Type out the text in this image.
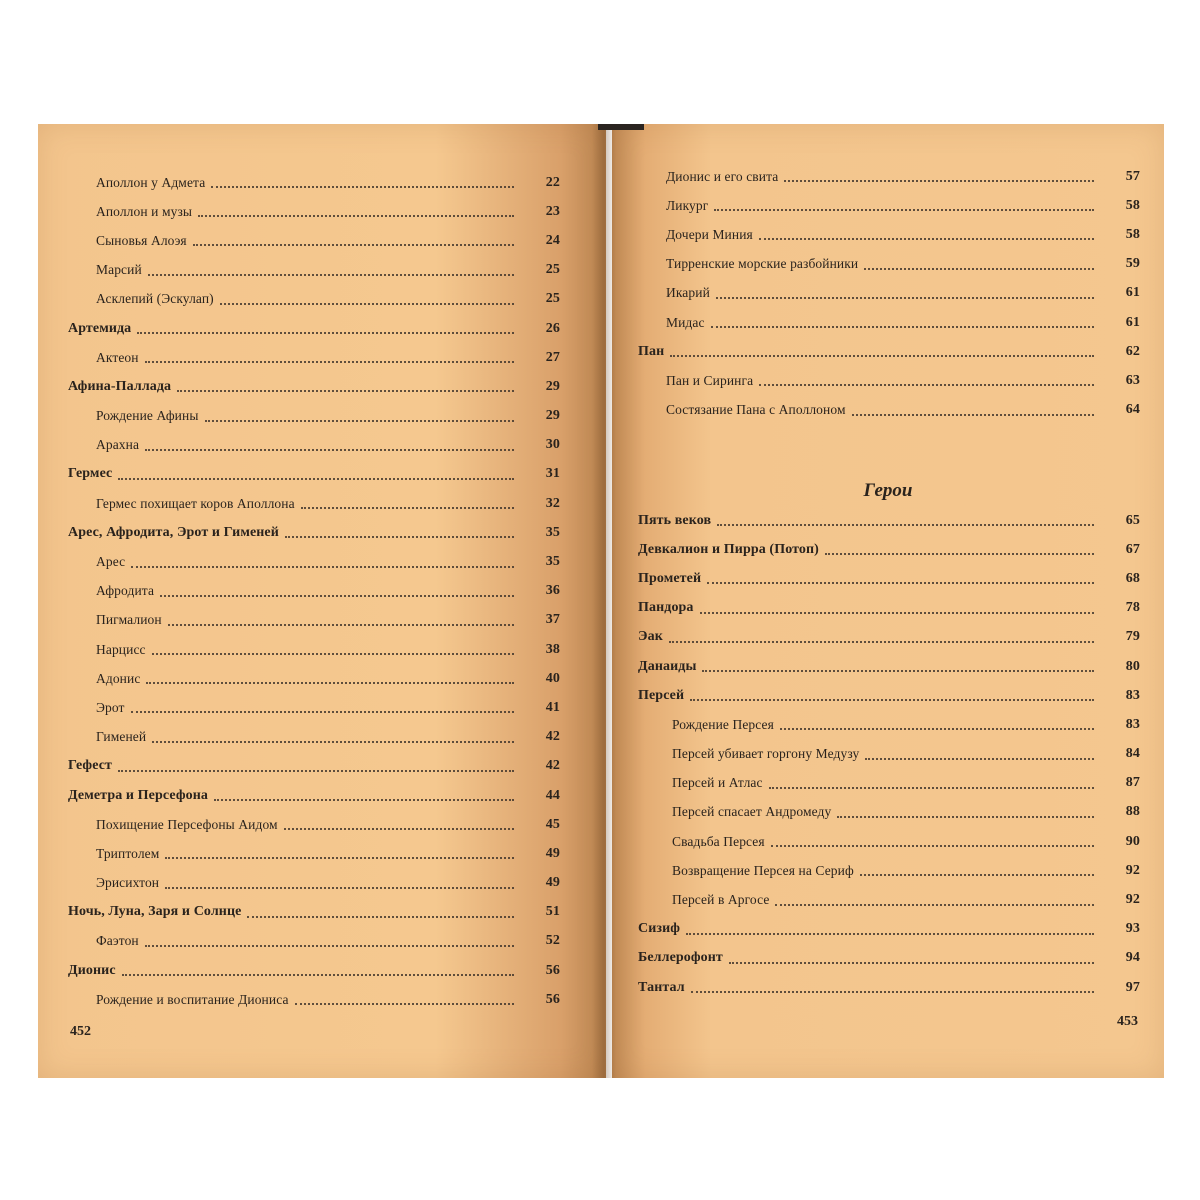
Аполлон у Адмета	22
Аполлон и музы	23
Сыновья Алоэя	24
Марсий	25
Асклепий (Эскулап)	25
Артемида	26
Актеон	27
Афина-Паллада	29
Рождение Афины	29
Арахна	30
Гермес	31
Гермес похищает коров Аполлона	32
Арес, Афродита, Эрот и Гименей	35
Арес	35
Афродита	36
Пигмалион	37
Нарцисс	38
Адонис	40
Эрот	41
Гименей	42
Гефест	42
Деметра и Персефона	44
Похищение Персефоны Аидом	45
Триптолем	49
Эрисихтон	49
Ночь, Луна, Заря и Солнце	51
Фаэтон	52
Дионис	56
Рождение и воспитание Диониса	56
452
Дионис и его свита	57
Ликург	58
Дочери Миния	58
Тирренские морские разбойники	59
Икарий	61
Мидас	61
Пан	62
Пан и Сиринга	63
Состязание Пана с Аполлоном	64
Герои
Пять веков	65
Девкалион и Пирра (Потоп)	67
Прометей	68
Пандора	78
Эак	79
Данаиды	80
Персей	83
Рождение Персея	83
Персей убивает горгону Медузу	84
Персей и Атлас	87
Персей спасает Андромеду	88
Свадьба Персея	90
Возвращение Персея на Сериф	92
Персей в Аргосе	92
Сизиф	93
Беллерофонт	94
Тантал	97
453
